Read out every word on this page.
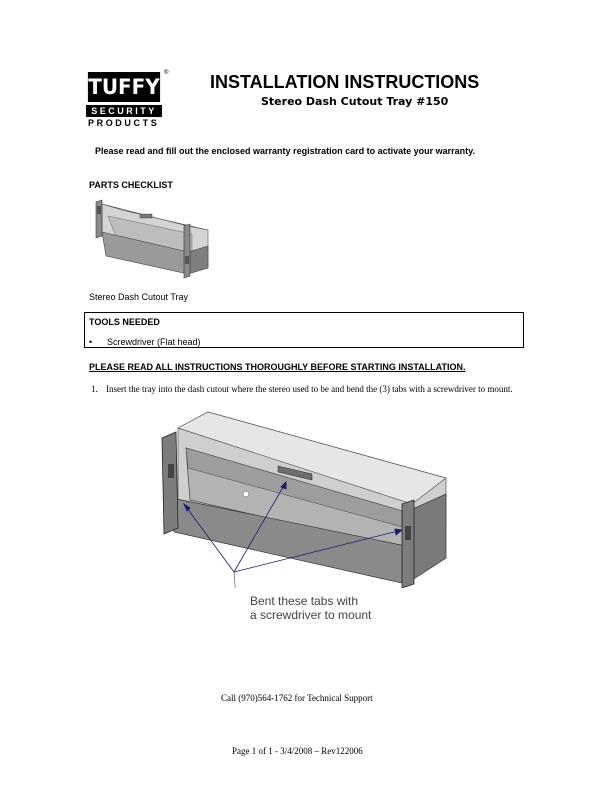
TUFFY
®
SECURITY
PRODUCTS
INSTALLATION INSTRUCTIONS
Stereo Dash Cutout Tray #150
Please read and fill out the enclosed warranty registration card to activate your warranty.
PARTS CHECKLIST
Stereo Dash Cutout Tray
TOOLS NEEDED
• Screwdriver (Flat head)
PLEASE READ ALL INSTRUCTIONS THOROUGHLY BEFORE STARTING INSTALLATION.
1. Insert the tray into the dash cutout where the stereo used to be and bend the (3) tabs with a screwdriver to mount.
Bent these tabs with
a screwdriver to mount
Call (970)564-1762 for Technical Support
Page 1 of 1 - 3/4/2008 – Rev122006
